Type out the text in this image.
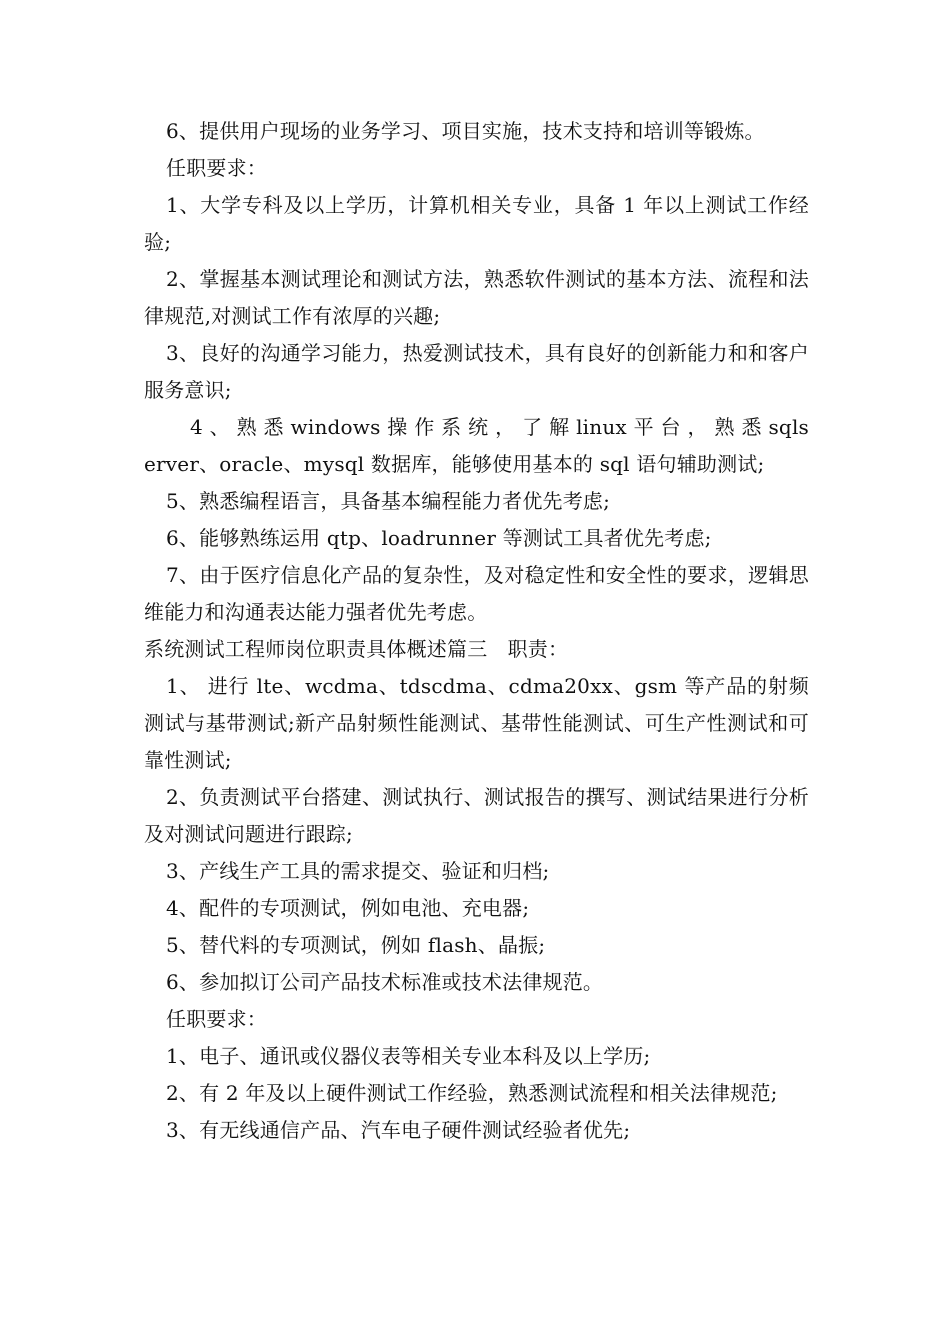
6、提供用户现场的业务学习、项目实施，技术支持和培训等锻炼。

任职要求：

1、大学专科及以上学历，计算机相关专业，具备 1 年以上测试工作经验;

2、掌握基本测试理论和测试方法，熟悉软件测试的基本方法、流程和法律规范,对测试工作有浓厚的兴趣;

3、良好的沟通学习能力，热爱测试技术，具有良好的创新能力和和客户服务意识;

4 、 熟 悉 windows 操 作 系 统 ， 了 解 linux 平 台 ， 熟 悉 sqlserver、oracle、mysql 数据库，能够使用基本的 sql 语句辅助测试;

5、熟悉编程语言，具备基本编程能力者优先考虑;

6、能够熟练运用 qtp、loadrunner 等测试工具者优先考虑;

7、由于医疗信息化产品的复杂性，及对稳定性和安全性的要求，逻辑思维能力和沟通表达能力强者优先考虑。

系统测试工程师岗位职责具体概述篇三　职责：

1、 进行 lte、wcdma、tdscdma、cdma20xx、gsm 等产品的射频测试与基带测试;新产品射频性能测试、基带性能测试、可生产性测试和可靠性测试;

2、负责测试平台搭建、测试执行、测试报告的撰写、测试结果进行分析及对测试问题进行跟踪;

3、产线生产工具的需求提交、验证和归档;

4、配件的专项测试，例如电池、充电器;

5、替代料的专项测试，例如 flash、晶振;

6、参加拟订公司产品技术标准或技术法律规范。

任职要求：

1、电子、通讯或仪器仪表等相关专业本科及以上学历;

2、有 2 年及以上硬件测试工作经验，熟悉测试流程和相关法律规范;

3、有无线通信产品、汽车电子硬件测试经验者优先;
